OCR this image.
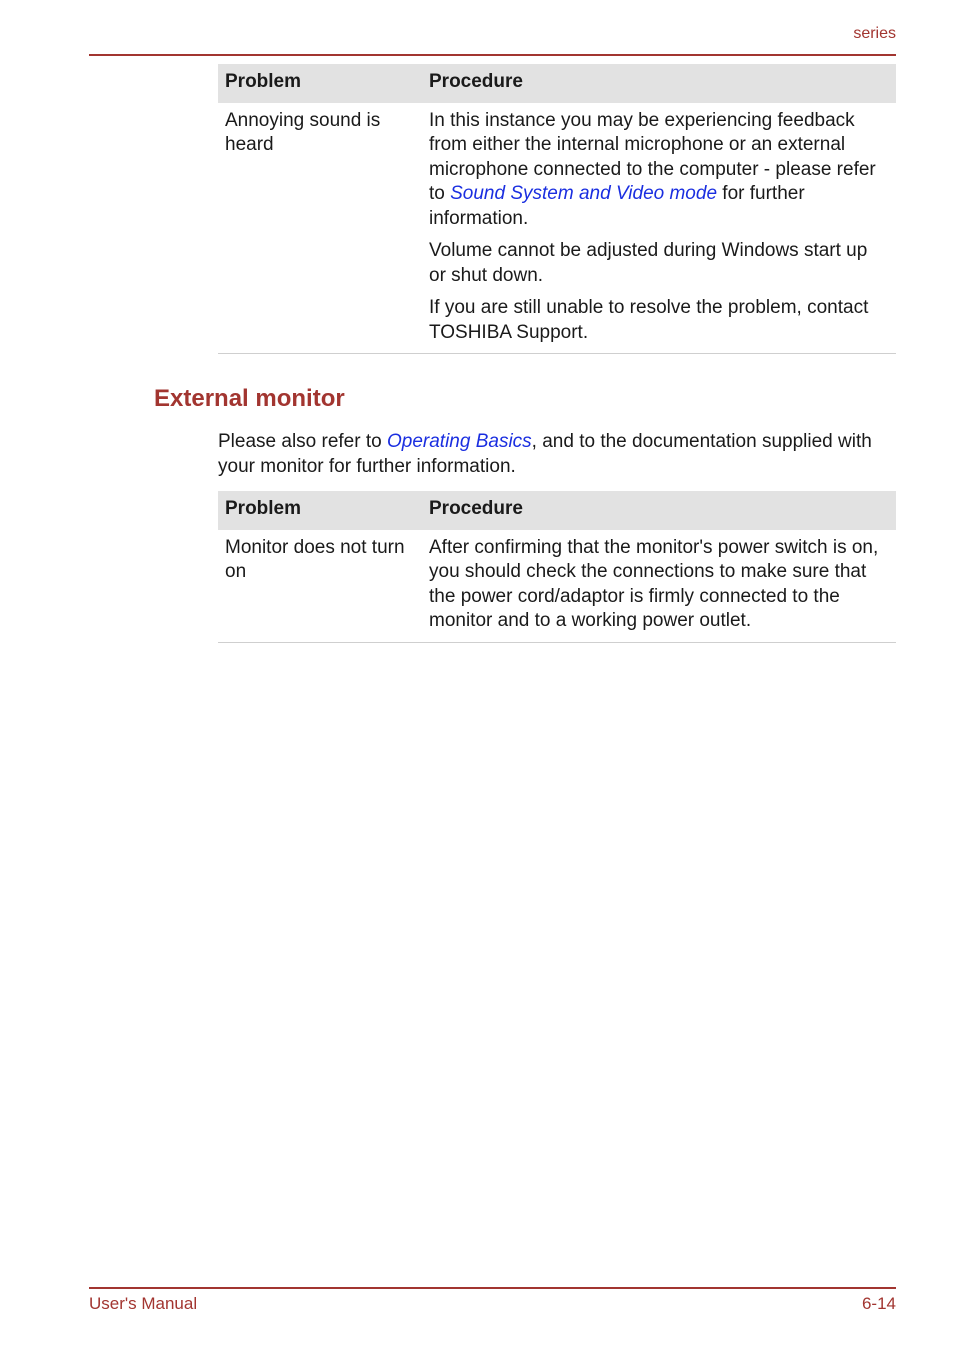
series
Problem	Procedure
Annoying sound is heard	In this instance you may be experiencing feedback from either the internal microphone or an external microphone connected to the computer - please refer to Sound System and Video mode for further information.

Volume cannot be adjusted during Windows start up or shut down.

If you are still unable to resolve the problem, contact TOSHIBA Support.

External monitor

Please also refer to Operating Basics, and to the documentation supplied with your monitor for further information.

Problem	Procedure
Monitor does not turn on	After confirming that the monitor's power switch is on, you should check the connections to make sure that the power cord/adaptor is firmly connected to the monitor and to a working power outlet.
User's Manual	6-14
